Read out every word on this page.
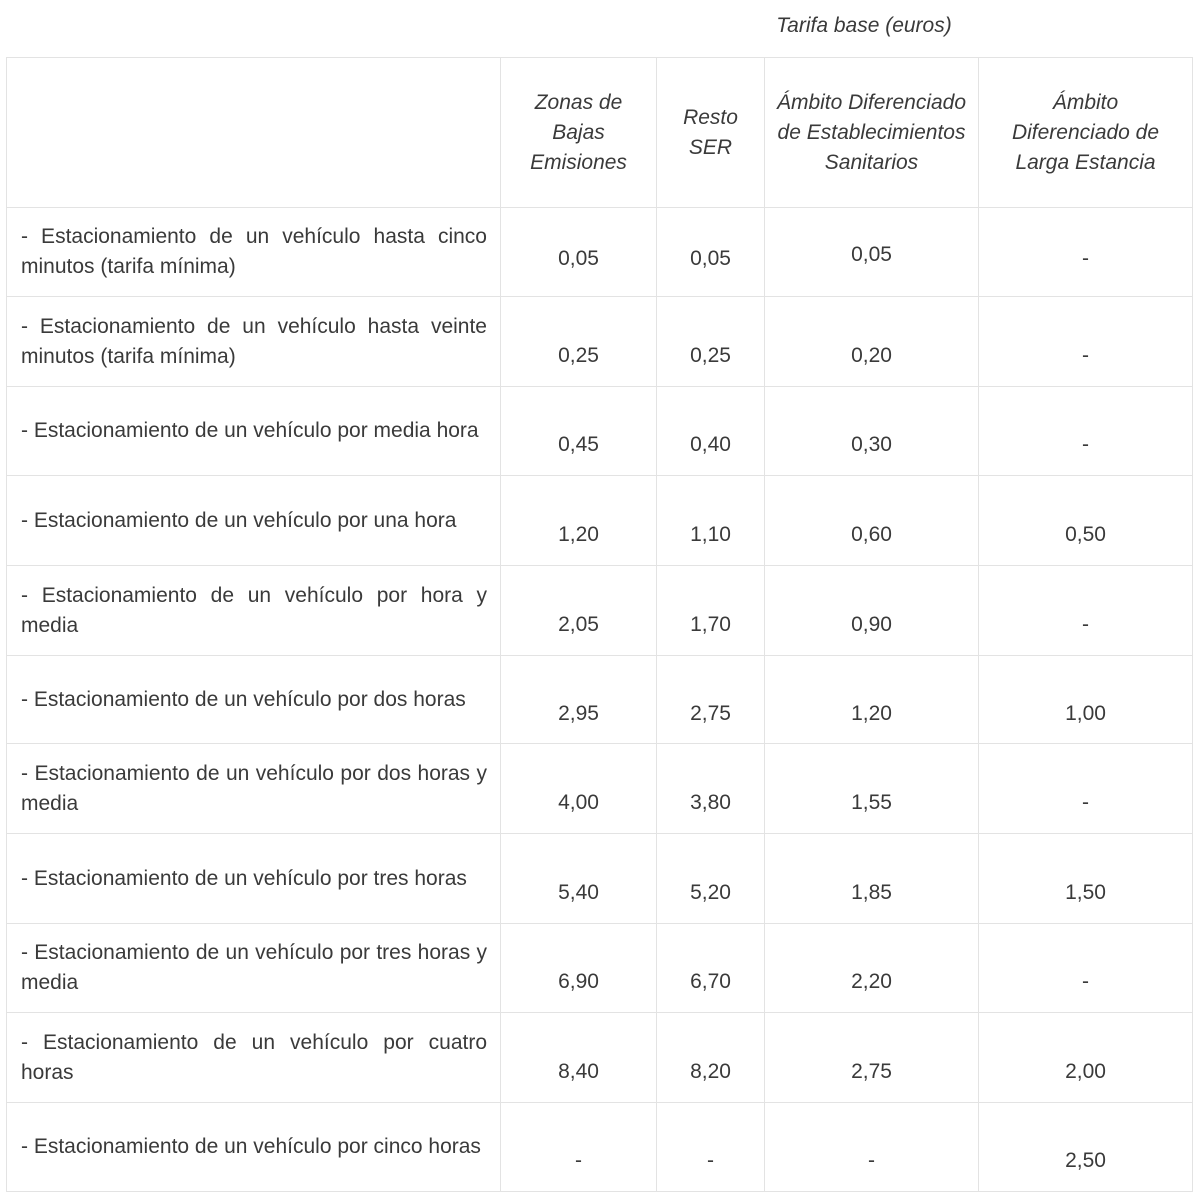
Tarifa base (euros)
	Zonas de Bajas Emisiones	Resto SER	Ámbito Diferenciado de Establecimientos Sanitarios	Ámbito Diferenciado de Larga Estancia
- Estacionamiento de un vehículo hasta cinco minutos (tarifa mínima)	0,05	0,05	0,05	-
- Estacionamiento de un vehículo hasta veinte minutos (tarifa mínima)	0,25	0,25	0,20	-
- Estacionamiento de un vehículo por media hora	0,45	0,40	0,30	-
- Estacionamiento de un vehículo por una hora	1,20	1,10	0,60	0,50
- Estacionamiento de un vehículo por hora y media	2,05	1,70	0,90	-
- Estacionamiento de un vehículo por dos horas	2,95	2,75	1,20	1,00
- Estacionamiento de un vehículo por dos horas y media	4,00	3,80	1,55	-
- Estacionamiento de un vehículo por tres horas	5,40	5,20	1,85	1,50
- Estacionamiento de un vehículo por tres horas y media	6,90	6,70	2,20	-
- Estacionamiento de un vehículo por cuatro horas	8,40	8,20	2,75	2,00
- Estacionamiento de un vehículo por cinco horas	-	-	-	2,50
